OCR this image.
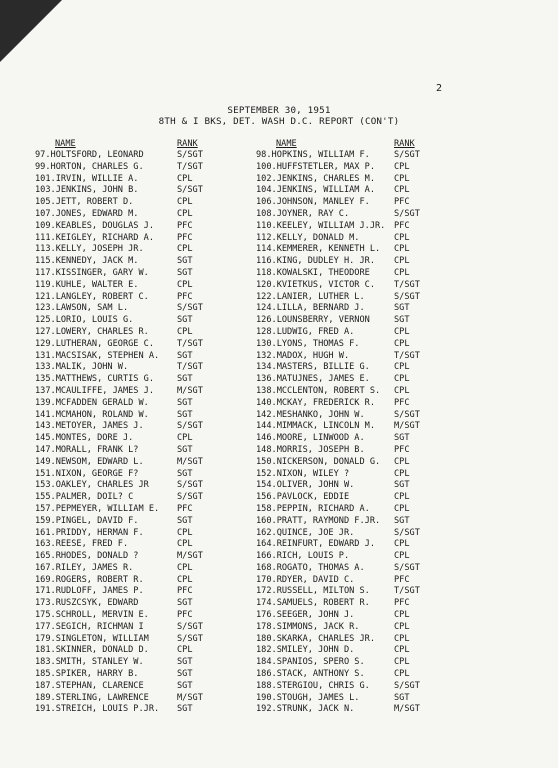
2
SEPTEMBER 30, 1951
8TH & I BKS, DET. WASH D.C. REPORT (CON'T)
NAME	RANK
97.HOLTSFORD, LEONARD	S/SGT
99.HORTON, CHARLES G.	T/SGT
101.IRVIN, WILLIE A.	CPL
103.JENKINS, JOHN B.	S/SGT
105.JETT, ROBERT D.	CPL
107.JONES, EDWARD M.	CPL
109.KEABLES, DOUGLAS J.	PFC
111.KEIGLEY, RICHARD A.	PFC
113.KELLY, JOSEPH JR.	CPL
115.KENNEDY, JACK M.	SGT
117.KISSINGER, GARY W.	SGT
119.KUHLE, WALTER E.	CPL
121.LANGLEY, ROBERT C.	PFC
123.LAWSON, SAM L.	S/SGT
125.LORIO, LOUIS G.	SGT
127.LOWERY, CHARLES R.	CPL
129.LUTHERAN, GEORGE C.	T/SGT
131.MACSISAK, STEPHEN A.	SGT
133.MALIK, JOHN W.	T/SGT
135.MATTHEWS, CURTIS G.	SGT
137.MCAULIFFE, JAMES J.	M/SGT
139.MCFADDEN GERALD W.	SGT
141.MCMAHON, ROLAND W.	SGT
143.METOYER, JAMES J.	S/SGT
145.MONTES, DORE J.	CPL
147.MORALL, FRANK L?	SGT
149.NEWSOM, EDWARD L.	M/SGT
151.NIXON, GEORGE F?	SGT
153.OAKLEY, CHARLES JR	S/SGT
155.PALMER, DOIL? C	S/SGT
157.PEPMEYER, WILLIAM E.	PFC
159.PINGEL, DAVID F.	SGT
161.PRIDDY, HERMAN F.	CPL
163.REESE, FRED F.	CPL
165.RHODES, DONALD ?	M/SGT
167.RILEY, JAMES R.	CPL
169.ROGERS, ROBERT R.	CPL
171.RUDLOFF, JAMES P.	PFC
173.RUSZCSYK, EDWARD	SGT
175.SCHROLL, MERVIN E.	PFC
177.SEGICH, RICHMAN I	S/SGT
179.SINGLETON, WILLIAM	S/SGT
181.SKINNER, DONALD D.	CPL
183.SMITH, STANLEY W.	SGT
185.SPIKER, HARRY B.	SGT
187.STEPHAN, CLARENCE	SGT
189.STERLING, LAWRENCE	M/SGT
191.STREICH, LOUIS P.JR.	SGT
NAME	RANK
98.HOPKINS, WILLIAM F.	S/SGT
100.HUFFSTETLER, MAX P.	CPL
102.JENKINS, CHARLES M.	CPL
104.JENKINS, WILLIAM A.	CPL
106.JOHNSON, MANLEY F.	PFC
108.JOYNER, RAY C.	S/SGT
110.KEELEY, WILLIAM J.JR.	PFC
112.KELLY, DONALD M.	CPL
114.KEMMERER, KENNETH L.	CPL
116.KING, DUDLEY H. JR.	CPL
118.KOWALSKI, THEODORE	CPL
120.KVIETKUS, VICTOR C.	T/SGT
122.LANIER, LUTHER L.	S/SGT
124.LILLA, BERNARD J.	SGT
126.LOUNSBERRY, VERNON	SGT
128.LUDWIG, FRED A.	CPL
130.LYONS, THOMAS F.	CPL
132.MADOX, HUGH W.	T/SGT
134.MASTERS, BILLIE G.	CPL
136.MATUJNES, JAMES E.	CPL
138.MCCLENTON, ROBERT S.	CPL
140.MCKAY, FREDERICK R.	PFC
142.MESHANKO, JOHN W.	S/SGT
144.MIMMACK, LINCOLN M.	M/SGT
146.MOORE, LINWOOD A.	SGT
148.MORRIS, JOSEPH B.	PFC
150.NICKERSON, DONALD G.	CPL
152.NIXON, WILEY ?	CPL
154.OLIVER, JOHN W.	SGT
156.PAVLOCK, EDDIE	CPL
158.PEPPIN, RICHARD A.	CPL
160.PRATT, RAYMOND F.JR.	SGT
162.QUINCE, JOE JR.	S/SGT
164.REINFURT, EDWARD J.	CPL
166.RICH, LOUIS P.	CPL
168.ROGATO, THOMAS A.	S/SGT
170.RDYER, DAVID C.	PFC
172.RUSSELL, MILTON S.	T/SGT
174.SAMUELS, ROBERT R.	PFC
176.SEEGER, JOHN J.	CPL
178.SIMMONS, JACK R.	CPL
180.SKARKA, CHARLES JR.	CPL
182.SMILEY, JOHN D.	CPL
184.SPANIOS, SPERO S.	CPL
186.STACK, ANTHONY S.	CPL
188.STERGIOU, CHRIS G.	S/SGT
190.STOUGH, JAMES L.	SGT
192.STRUNK, JACK N.	M/SGT
